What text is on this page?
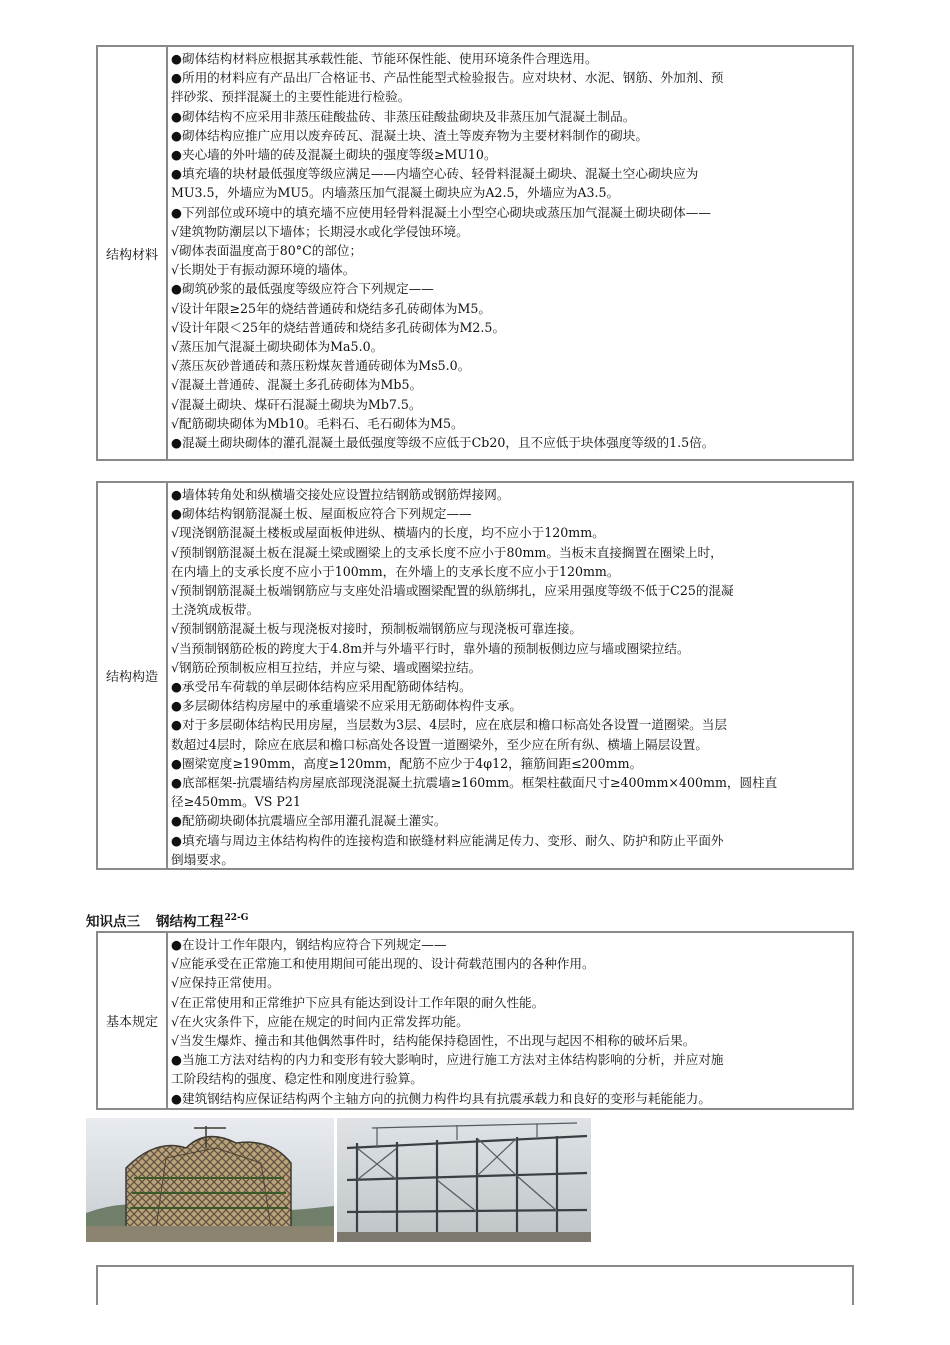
结构材料
●砌体结构材料应根据其承载性能、节能环保性能、使用环境条件合理选用。
●所用的材料应有产品出厂合格证书、产品性能型式检验报告。应对块材、水泥、钢筋、外加剂、预
拌砂浆、预拌混凝土的主要性能进行检验。
●砌体结构不应采用非蒸压硅酸盐砖、非蒸压硅酸盐砌块及非蒸压加气混凝土制品。
●砌体结构应推广应用以废弃砖瓦、混凝土块、渣土等废弃物为主要材料制作的砌块。
●夹心墙的外叶墙的砖及混凝土砌块的强度等级≥MU10。
●填充墙的块材最低强度等级应满足——内墙空心砖、轻骨料混凝土砌块、混凝土空心砌块应为
MU3.5，外墙应为MU5。内墙蒸压加气混凝土砌块应为A2.5，外墙应为A3.5。
●下列部位或环境中的填充墙不应使用轻骨料混凝土小型空心砌块或蒸压加气混凝土砌块砌体——
√建筑物防潮层以下墙体；长期浸水或化学侵蚀环境。
√砌体表面温度高于80°C的部位；
√长期处于有振动源环境的墙体。
●砌筑砂浆的最低强度等级应符合下列规定——
√设计年限≥25年的烧结普通砖和烧结多孔砖砌体为M5。
√设计年限＜25年的烧结普通砖和烧结多孔砖砌体为M2.5。
√蒸压加气混凝土砌块砌体为Ma5.0。
√蒸压灰砂普通砖和蒸压粉煤灰普通砖砌体为Ms5.0。
√混凝土普通砖、混凝土多孔砖砌体为Mb5。
√混凝土砌块、煤矸石混凝土砌块为Mb7.5。
√配筋砌块砌体为Mb10。毛料石、毛石砌体为M5。
●混凝土砌块砌体的灌孔混凝土最低强度等级不应低于Cb20，且不应低于块体强度等级的1.5倍。
结构构造
●墙体转角处和纵横墙交接处应设置拉结钢筋或钢筋焊接网。
●砌体结构钢筋混凝土板、屋面板应符合下列规定——
√现浇钢筋混凝土楼板或屋面板伸进纵、横墙内的长度，均不应小于120mm。
√预制钢筋混凝土板在混凝土梁或圈梁上的支承长度不应小于80mm。当板末直接搁置在圈梁上时，
在内墙上的支承长度不应小于100mm，在外墙上的支承长度不应小于120mm。
√预制钢筋混凝土板端钢筋应与支座处沿墙或圈梁配置的纵筋绑扎，应采用强度等级不低于C25的混凝
土浇筑成板带。
√预制钢筋混凝土板与现浇板对接时，预制板端钢筋应与现浇板可靠连接。
√当预制钢筋砼板的跨度大于4.8m并与外墙平行时，靠外墙的预制板侧边应与墙或圈梁拉结。
√钢筋砼预制板应相互拉结，并应与梁、墙或圈梁拉结。
●承受吊车荷载的单层砌体结构应采用配筋砌体结构。
●多层砌体结构房屋中的承重墙梁不应采用无筋砌体构件支承。
●对于多层砌体结构民用房屋，当层数为3层、4层时，应在底层和檐口标高处各设置一道圈梁。当层
数超过4层时，除应在底层和檐口标高处各设置一道圈梁外，至少应在所有纵、横墙上隔层设置。
●圈梁宽度≥190mm，高度≥120mm，配筋不应少于4φ12，箍筋间距≤200mm。
●底部框架-抗震墙结构房屋底部现浇混凝土抗震墙≥160mm。框架柱截面尺寸≥400mm×400mm，圆柱直
径≥450mm。VS P21
●配筋砌块砌体抗震墙应全部用灌孔混凝土灌实。
●填充墙与周边主体结构构件的连接构造和嵌缝材料应能满足传力、变形、耐久、防护和防止平面外
倒塌要求。
知识点三 钢结构工程$^{22-G}$
基本规定
●在设计工作年限内，钢结构应符合下列规定——
√应能承受在正常施工和使用期间可能出现的、设计荷载范围内的各种作用。
√应保持正常使用。
√在正常使用和正常维护下应具有能达到设计工作年限的耐久性能。
√在火灾条件下，应能在规定的时间内正常发挥功能。
√当发生爆炸、撞击和其他偶然事件时，结构能保持稳固性，不出现与起因不相称的破坏后果。
●当施工方法对结构的内力和变形有较大影响时，应进行施工方法对主体结构影响的分析，并应对施
工阶段结构的强度、稳定性和刚度进行验算。
●建筑钢结构应保证结构两个主轴方向的抗侧力构件均具有抗震承载力和良好的变形与耗能能力。
